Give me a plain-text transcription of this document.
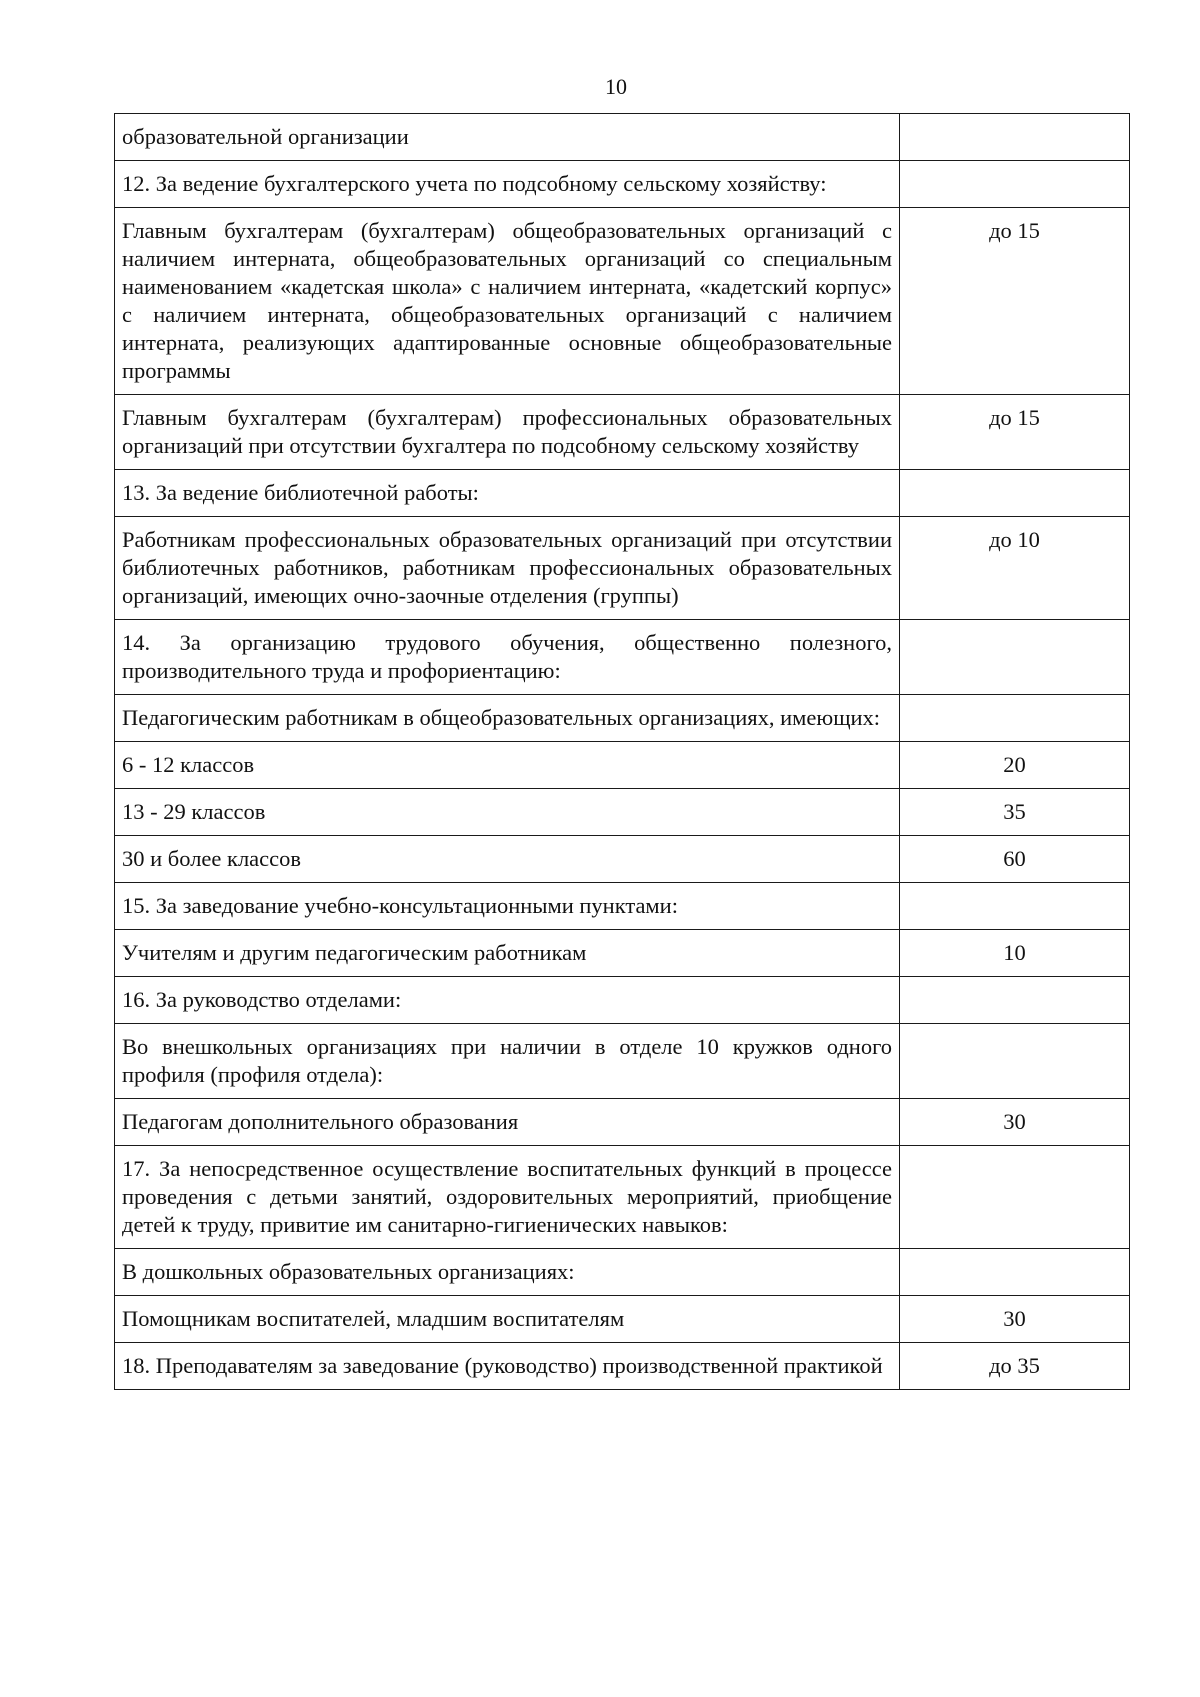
10
образовательной организации	
12. За ведение бухгалтерского учета по подсобному сельскому хозяйству:	
Главным бухгалтерам (бухгалтерам) общеобразовательных организаций с наличием интерната, общеобразовательных организаций со специальным наименованием «кадетская школа» с наличием интерната, «кадетский корпус» с наличием интерната, общеобразовательных организаций с наличием интерната, реализующих адаптированные основные общеобразовательные программы	до 15
Главным бухгалтерам (бухгалтерам) профессиональных образовательных организаций при отсутствии бухгалтера по подсобному сельскому хозяйству	до 15
13. За ведение библиотечной работы:	
Работникам профессиональных образовательных организаций при отсутствии библиотечных работников, работникам профессиональных образовательных организаций, имеющих очно-заочные отделения (группы)	до 10
14. За организацию трудового обучения, общественно полезного, производительного труда и профориентацию:	
Педагогическим работникам в общеобразовательных организациях, имеющих:	
6 - 12 классов	20
13 - 29 классов	35
30 и более классов	60
15. За заведование учебно-консультационными пунктами:	
Учителям и другим педагогическим работникам	10
16. За руководство отделами:	
Во внешкольных организациях при наличии в отделе 10 кружков одного профиля (профиля отдела):	
Педагогам дополнительного образования	30
17. За непосредственное осуществление воспитательных функций в процессе проведения с детьми занятий, оздоровительных мероприятий, приобщение детей к труду, привитие им санитарно-гигиенических навыков:	
В дошкольных образовательных организациях:	
Помощникам воспитателей, младшим воспитателям	30
18. Преподавателям за заведование (руководство) производственной практикой	до 35
